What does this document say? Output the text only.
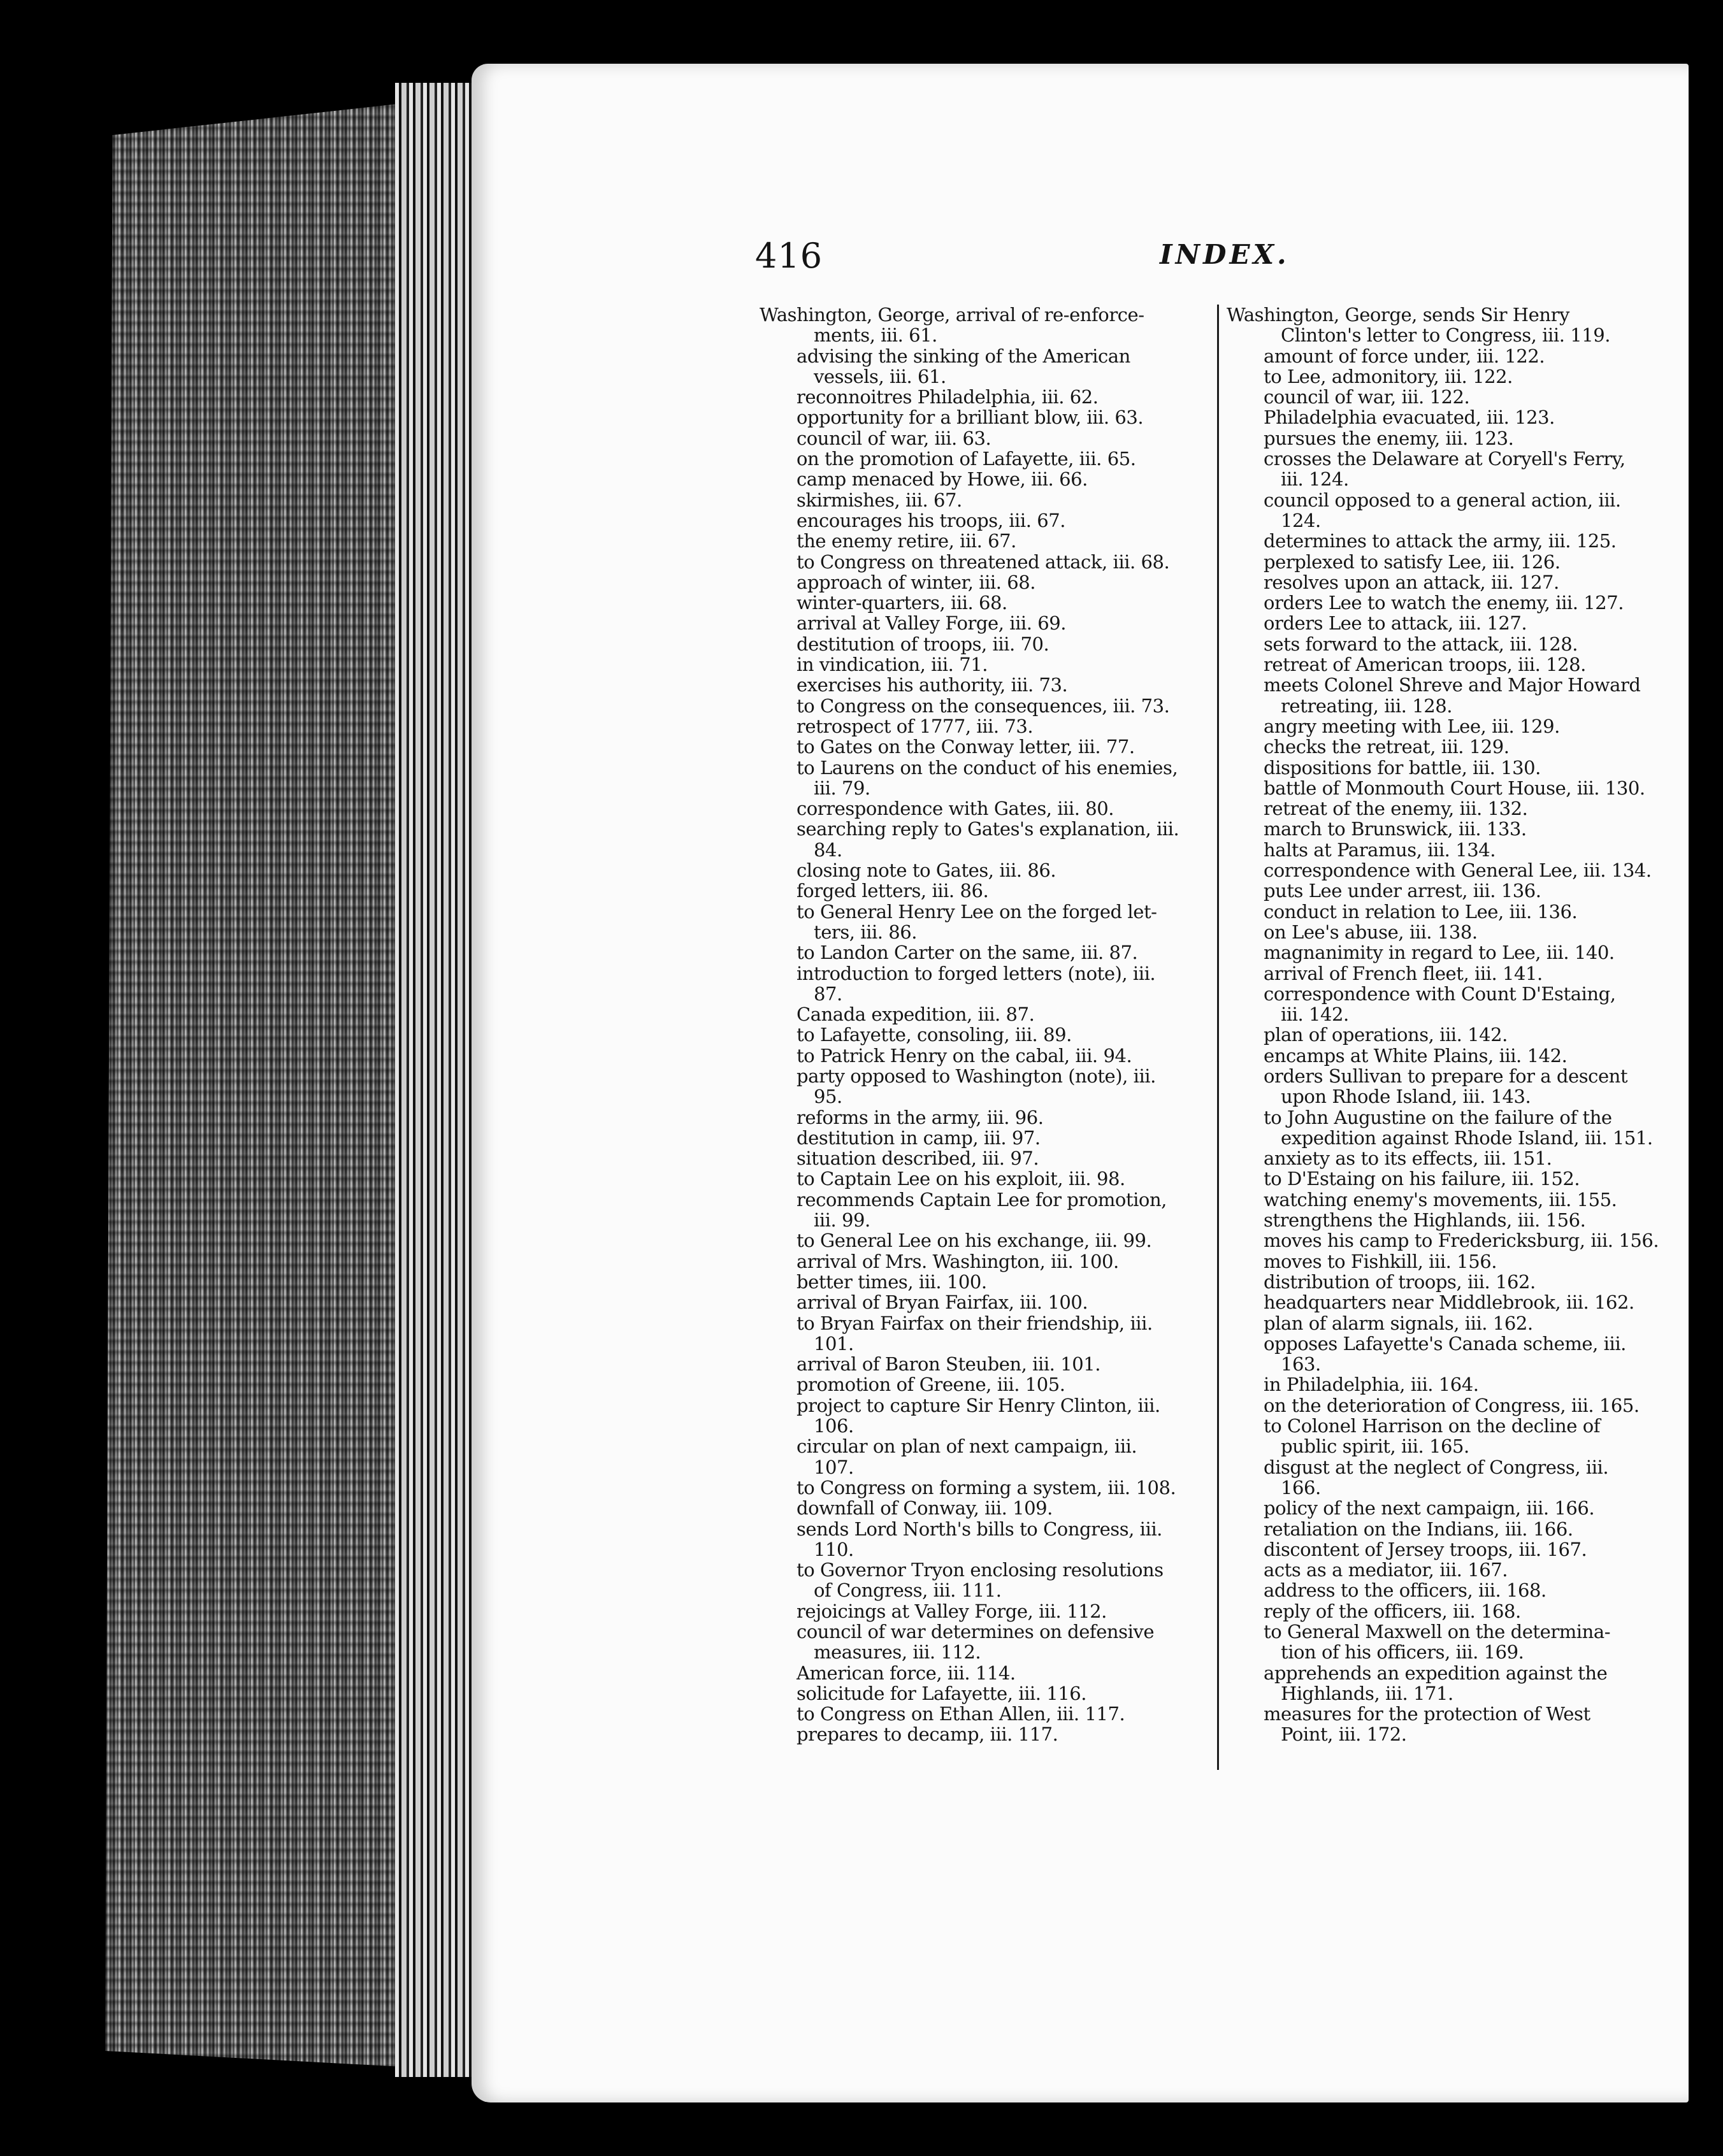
416	INDEX.
Washington, George, arrival of re-enforce-
ments, iii. 61.
advising the sinking of the American
vessels, iii. 61.
reconnoitres Philadelphia, iii. 62.
opportunity for a brilliant blow, iii. 63.
council of war, iii. 63.
on the promotion of Lafayette, iii. 65.
camp menaced by Howe, iii. 66.
skirmishes, iii. 67.
encourages his troops, iii. 67.
the enemy retire, iii. 67.
to Congress on threatened attack, iii. 68.
approach of winter, iii. 68.
winter-quarters, iii. 68.
arrival at Valley Forge, iii. 69.
destitution of troops, iii. 70.
in vindication, iii. 71.
exercises his authority, iii. 73.
to Congress on the consequences, iii. 73.
retrospect of 1777, iii. 73.
to Gates on the Conway letter, iii. 77.
to Laurens on the conduct of his enemies,
iii. 79.
correspondence with Gates, iii. 80.
searching reply to Gates's explanation, iii.
84.
closing note to Gates, iii. 86.
forged letters, iii. 86.
to General Henry Lee on the forged let-
ters, iii. 86.
to Landon Carter on the same, iii. 87.
introduction to forged letters (note), iii.
87.
Canada expedition, iii. 87.
to Lafayette, consoling, iii. 89.
to Patrick Henry on the cabal, iii. 94.
party opposed to Washington (note), iii.
95.
reforms in the army, iii. 96.
destitution in camp, iii. 97.
situation described, iii. 97.
to Captain Lee on his exploit, iii. 98.
recommends Captain Lee for promotion,
iii. 99.
to General Lee on his exchange, iii. 99.
arrival of Mrs. Washington, iii. 100.
better times, iii. 100.
arrival of Bryan Fairfax, iii. 100.
to Bryan Fairfax on their friendship, iii.
101.
arrival of Baron Steuben, iii. 101.
promotion of Greene, iii. 105.
project to capture Sir Henry Clinton, iii.
106.
circular on plan of next campaign, iii.
107.
to Congress on forming a system, iii. 108.
downfall of Conway, iii. 109.
sends Lord North's bills to Congress, iii.
110.
to Governor Tryon enclosing resolutions
of Congress, iii. 111.
rejoicings at Valley Forge, iii. 112.
council of war determines on defensive
measures, iii. 112.
American force, iii. 114.
solicitude for Lafayette, iii. 116.
to Congress on Ethan Allen, iii. 117.
prepares to decamp, iii. 117.
Washington, George, sends Sir Henry
Clinton's letter to Congress, iii. 119.
amount of force under, iii. 122.
to Lee, admonitory, iii. 122.
council of war, iii. 122.
Philadelphia evacuated, iii. 123.
pursues the enemy, iii. 123.
crosses the Delaware at Coryell's Ferry,
iii. 124.
council opposed to a general action, iii.
124.
determines to attack the army, iii. 125.
perplexed to satisfy Lee, iii. 126.
resolves upon an attack, iii. 127.
orders Lee to watch the enemy, iii. 127.
orders Lee to attack, iii. 127.
sets forward to the attack, iii. 128.
retreat of American troops, iii. 128.
meets Colonel Shreve and Major Howard
retreating, iii. 128.
angry meeting with Lee, iii. 129.
checks the retreat, iii. 129.
dispositions for battle, iii. 130.
battle of Monmouth Court House, iii. 130.
retreat of the enemy, iii. 132.
march to Brunswick, iii. 133.
halts at Paramus, iii. 134.
correspondence with General Lee, iii. 134.
puts Lee under arrest, iii. 136.
conduct in relation to Lee, iii. 136.
on Lee's abuse, iii. 138.
magnanimity in regard to Lee, iii. 140.
arrival of French fleet, iii. 141.
correspondence with Count D'Estaing,
iii. 142.
plan of operations, iii. 142.
encamps at White Plains, iii. 142.
orders Sullivan to prepare for a descent
upon Rhode Island, iii. 143.
to John Augustine on the failure of the
expedition against Rhode Island, iii. 151.
anxiety as to its effects, iii. 151.
to D'Estaing on his failure, iii. 152.
watching enemy's movements, iii. 155.
strengthens the Highlands, iii. 156.
moves his camp to Fredericksburg, iii. 156.
moves to Fishkill, iii. 156.
distribution of troops, iii. 162.
headquarters near Middlebrook, iii. 162.
plan of alarm signals, iii. 162.
opposes Lafayette's Canada scheme, iii.
163.
in Philadelphia, iii. 164.
on the deterioration of Congress, iii. 165.
to Colonel Harrison on the decline of
public spirit, iii. 165.
disgust at the neglect of Congress, iii.
166.
policy of the next campaign, iii. 166.
retaliation on the Indians, iii. 166.
discontent of Jersey troops, iii. 167.
acts as a mediator, iii. 167.
address to the officers, iii. 168.
reply of the officers, iii. 168.
to General Maxwell on the determina-
tion of his officers, iii. 169.
apprehends an expedition against the
Highlands, iii. 171.
measures for the protection of West
Point, iii. 172.
